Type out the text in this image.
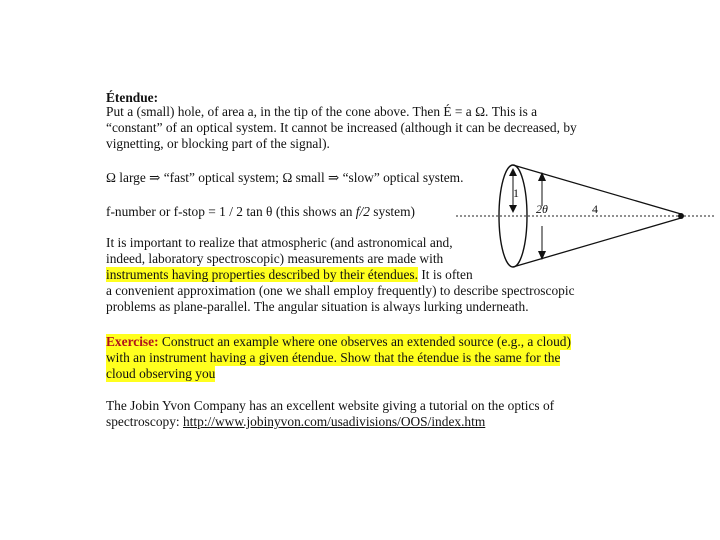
Étendue:
Put a (small) hole, of area a, in the tip of the cone above. Then É = a Ω. This is a
“constant” of an optical system. It cannot be increased (although it can be decreased, by
vignetting, or blocking part of the signal).
Ω large ⇒ “fast” optical system; Ω small ⇒ “slow” optical system.
f-number or f-stop = 1 / 2 tan θ (this shows an f/2 system)
It is important to realize that atmospheric (and astronomical and,
indeed, laboratory spectroscopic) measurements are made with
instruments having properties described by their étendues. It is often
a convenient approximation (one we shall employ frequently) to describe spectroscopic
problems as plane-parallel. The angular situation is always lurking underneath.
Exercise: Construct an example where one observes an extended source (e.g., a cloud)
with an instrument having a given étendue. Show that the étendue is the same for the
cloud observing you
The Jobin Yvon Company has an excellent website giving a tutorial on the optics of
spectroscopy: http://www.jobinyvon.com/usadivisions/OOS/index.htm
1
2θ	4
